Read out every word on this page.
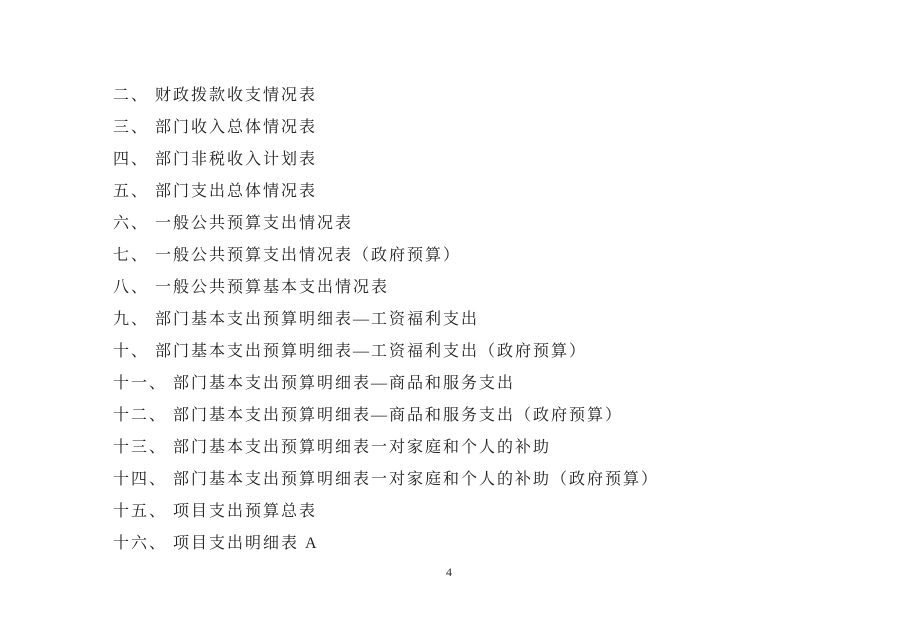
二、 财政拨款收支情况表
三、 部门收入总体情况表
四、 部门非税收入计划表
五、 部门支出总体情况表
六、 一般公共预算支出情况表
七、 一般公共预算支出情况表（政府预算）
八、 一般公共预算基本支出情况表
九、 部门基本支出预算明细表—工资福利支出
十、 部门基本支出预算明细表—工资福利支出（政府预算）
十一、 部门基本支出预算明细表—商品和服务支出
十二、 部门基本支出预算明细表—商品和服务支出（政府预算）
十三、 部门基本支出预算明细表一对家庭和个人的补助
十四、 部门基本支出预算明细表一对家庭和个人的补助（政府预算）
十五、 项目支出预算总表
十六、 项目支出明细表 A
4
